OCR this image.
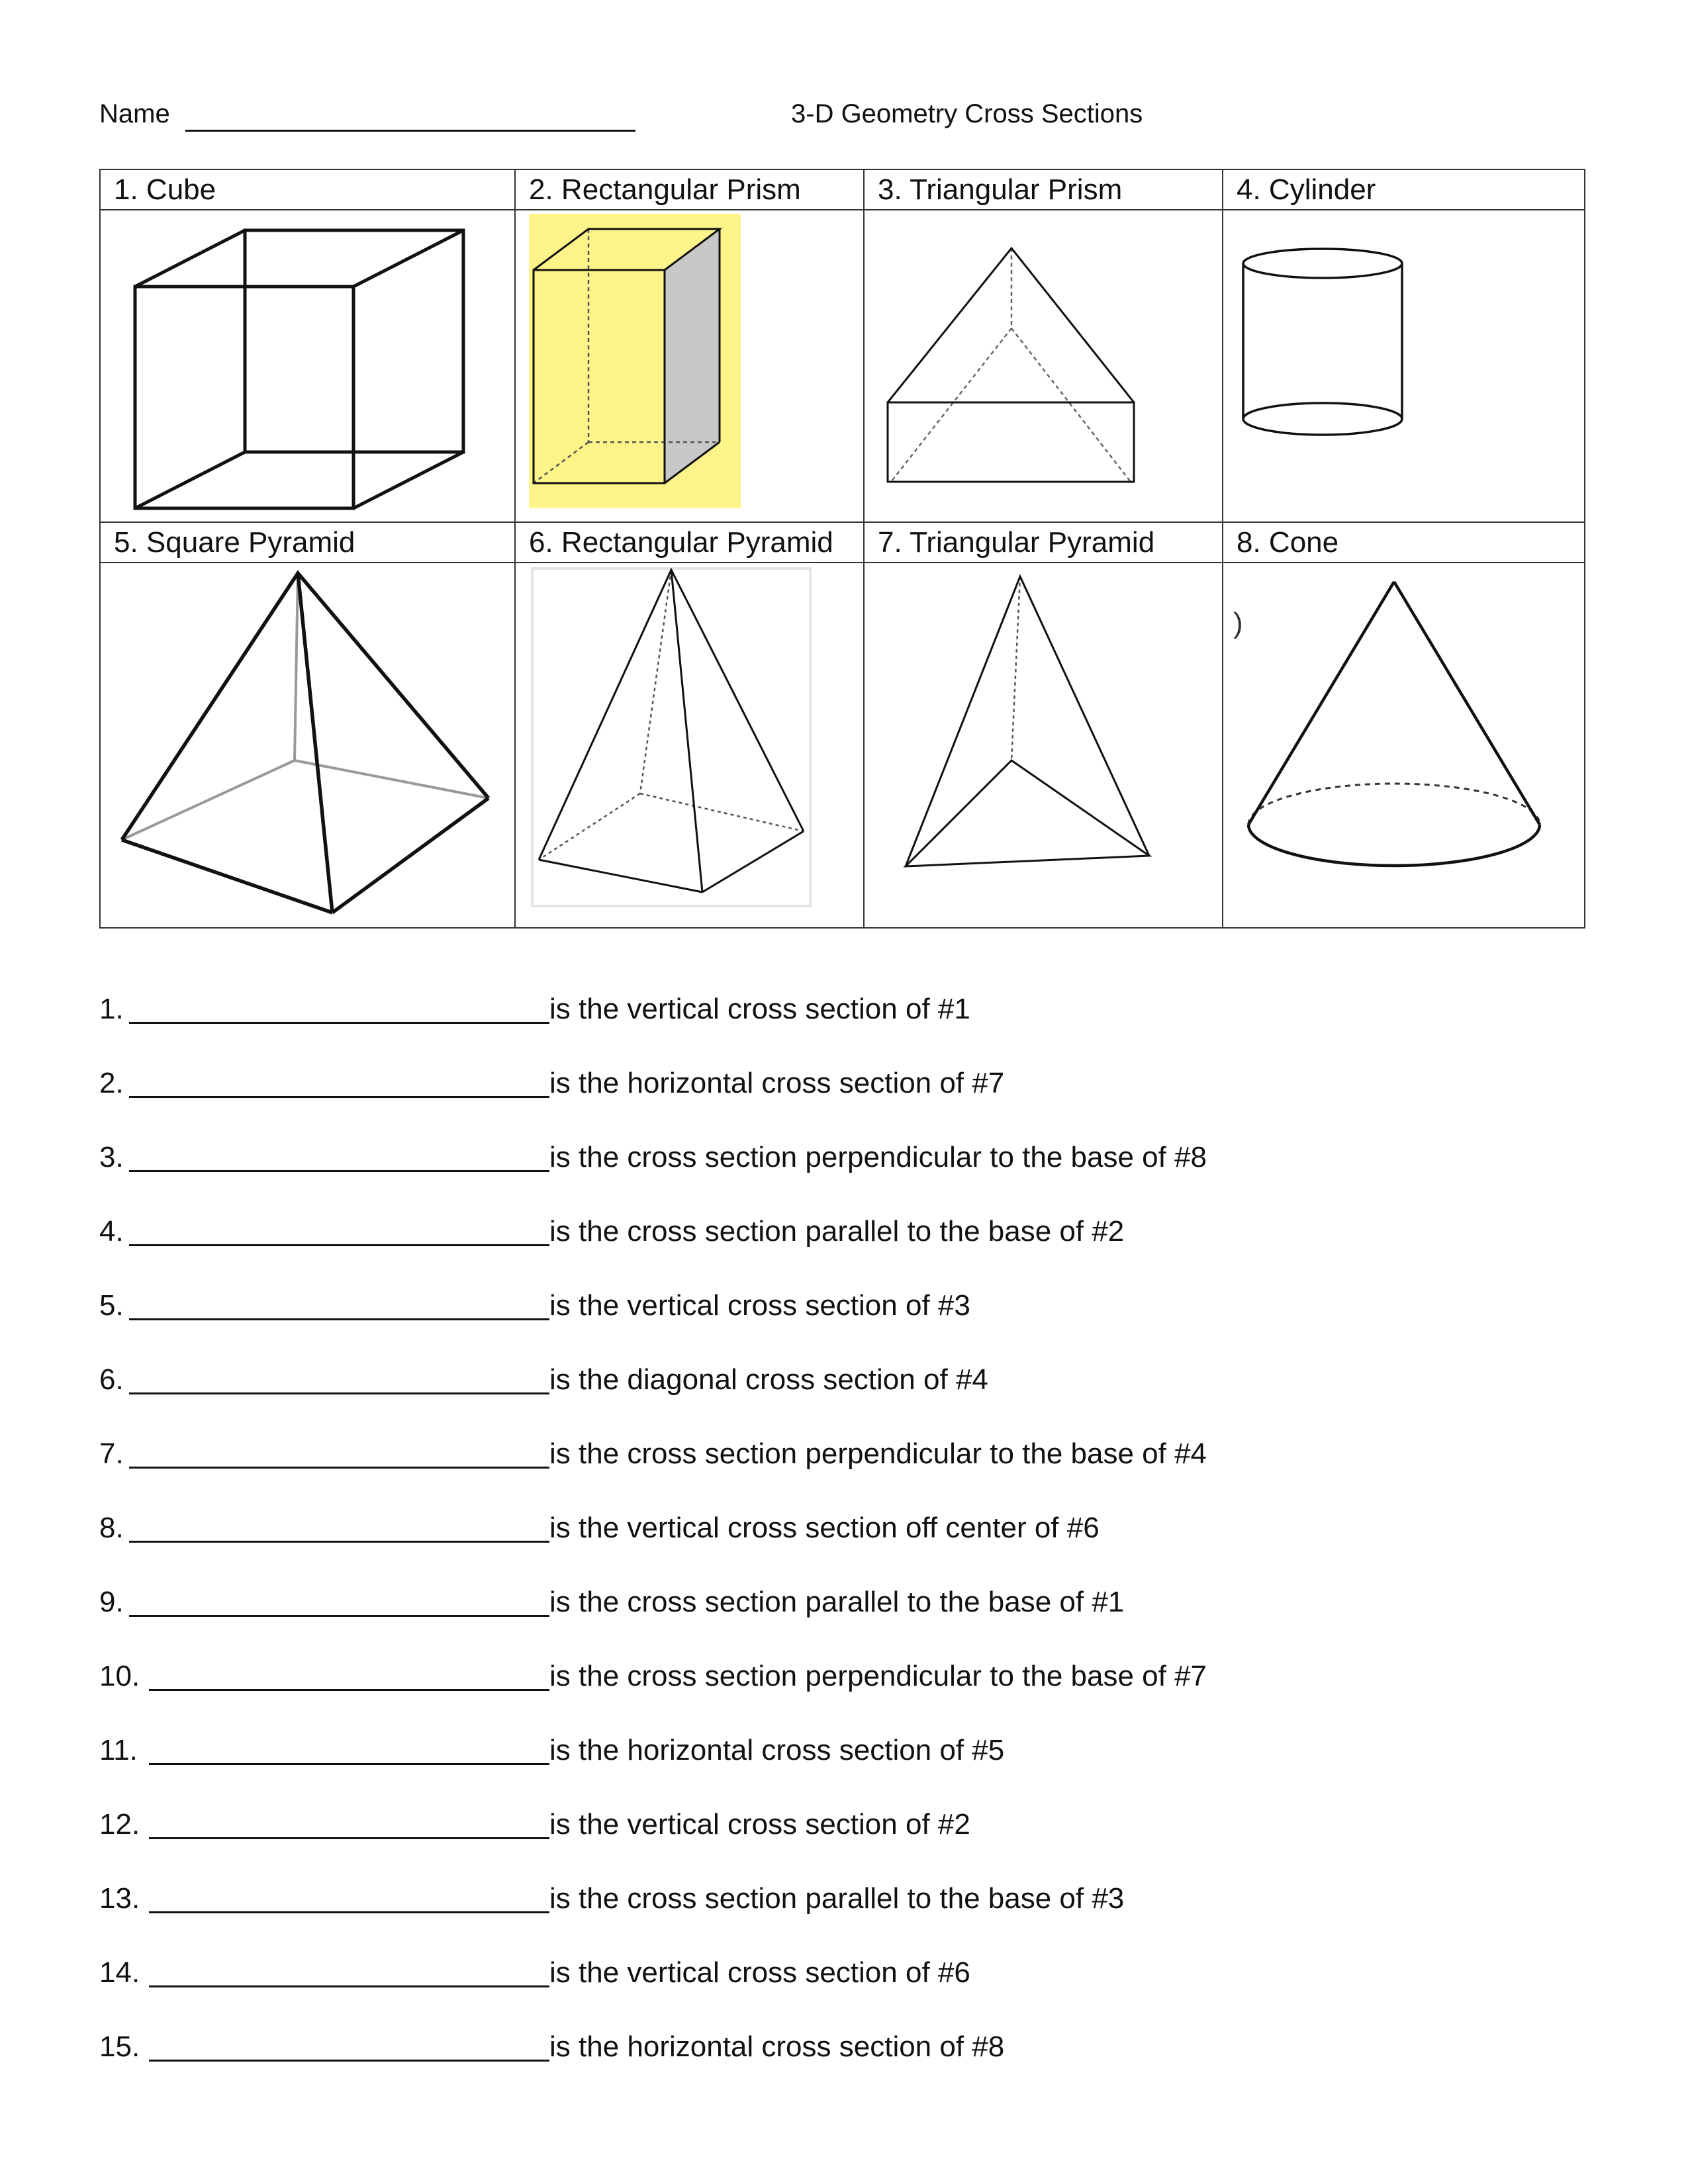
Name	3-D Geometry Cross Sections
1. Cube	2. Rectangular Prism	3. Triangular Prism	4. Cylinder

5. Square Pyramid	6. Rectangular Pyramid	7. Triangular Pyramid	8. Cone

)
1.	is the vertical cross section of #1
2.	is the horizontal cross section of #7
3.	is the cross section perpendicular to the base of #8
4.	is the cross section parallel to the base of #2
5.	is the vertical cross section of #3
6.	is the diagonal cross section of #4
7.	is the cross section perpendicular to the base of #4
8.	is the vertical cross section off center of #6
9.	is the cross section parallel to the base of #1
10.	is the cross section perpendicular to the base of #7
11.	is the horizontal cross section of #5
12.	is the vertical cross section of #2
13.	is the cross section parallel to the base of #3
14.	is the vertical cross section of #6
15.	is the horizontal cross section of #8
